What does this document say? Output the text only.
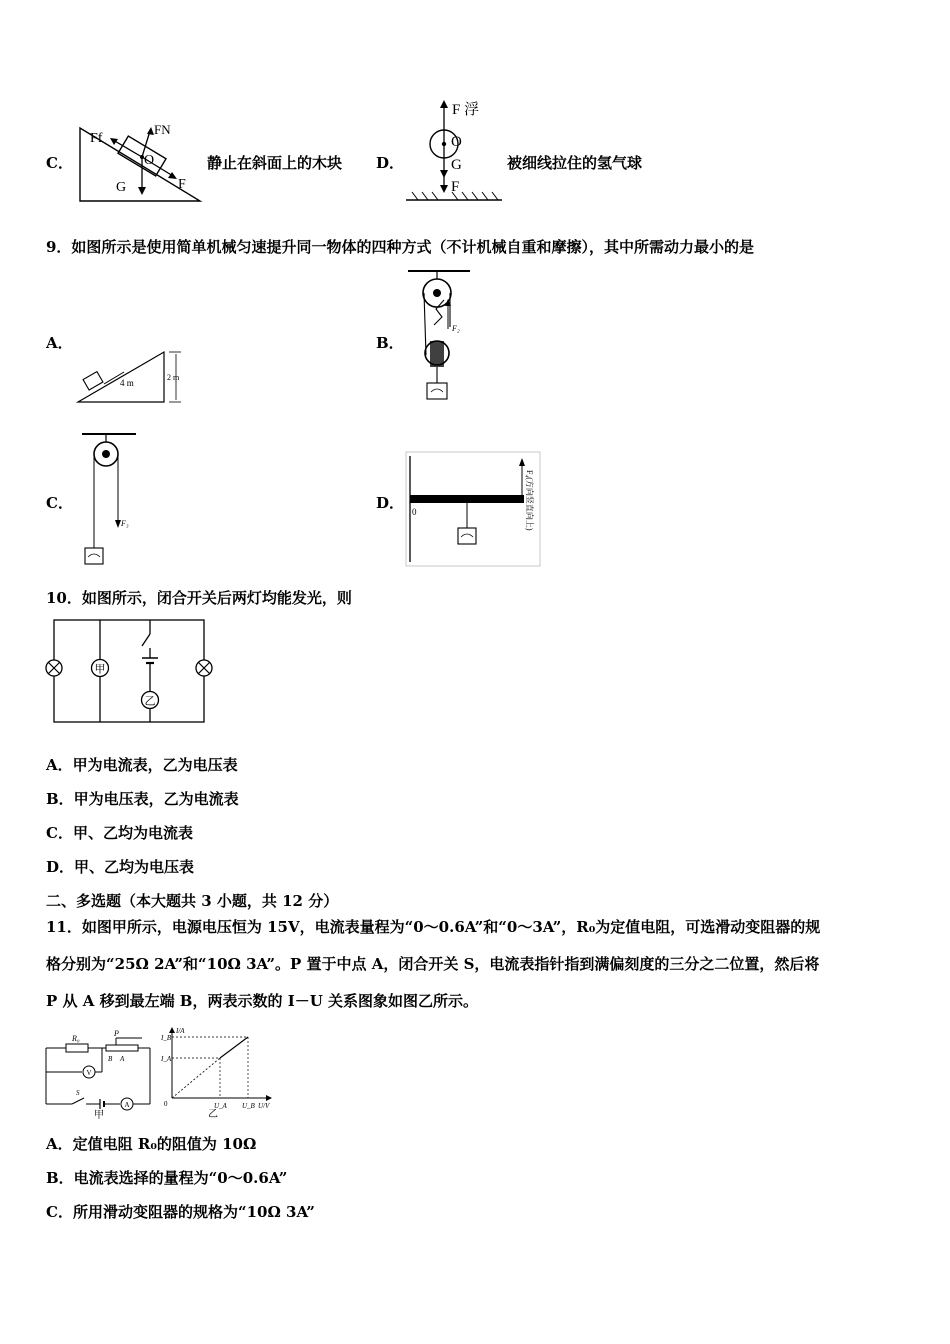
C．
Ff
FN
O
G	F
静止在斜面上的木块 D．
F 浮
O
G
F
被细线拉住的氢气球
9．如图所示是使用简单机械匀速提升同一物体的四种方式（不计机械自重和摩擦），其中所需动力最小的是
A．
4 m
2 m
B．
F₂
C．
F₃
D． 0	F₄(方向竖直向上)
10．如图所示，闭合开关后两灯均能发光，则
甲
乙
A．甲为电流表，乙为电压表
B．甲为电压表，乙为电流表
C．甲、乙均为电流表
D．甲、乙均为电压表
二、多选题（本大题共 3 小题，共 12 分）
11．如图甲所示，电源电压恒为 15V，电流表量程为“0～0.6A”和“0～3A”，R₀为定值电阻，可选滑动变阻器的规
格分别为“25Ω 2A”和“10Ω 3A”。P 置于中点 A，闭合开关 S，电流表指针指到满偏刻度的三分之二位置，然后将
P 从 A 移到最左端 B，两表示数的 I－U 关系图象如图乙所示。
V
A
R₀
P
B A
S
甲
I/A
I_B
I_A
0	U_A U_B U/V
乙
A．定值电阻 R₀的阻值为 10Ω
B．电流表选择的量程为“0～0.6A”
C．所用滑动变阻器的规格为“10Ω 3A”
